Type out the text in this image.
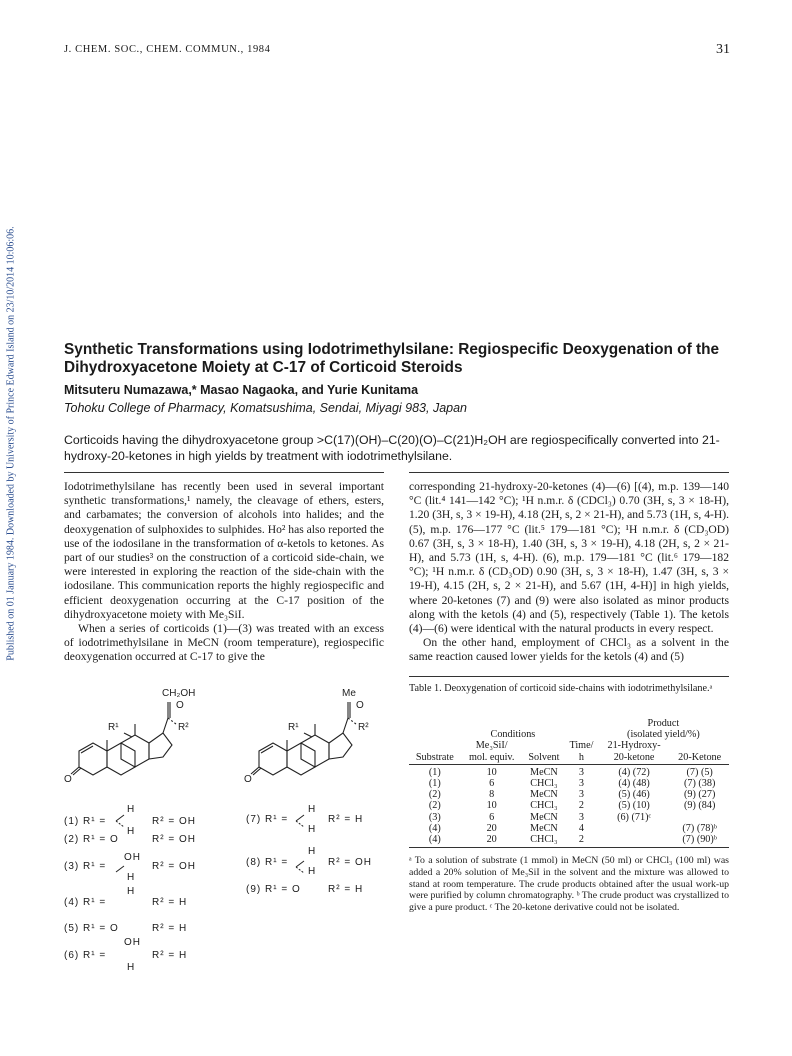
J. CHEM. SOC., CHEM. COMMUN., 1984	31
Published on 01 January 1984. Downloaded by University of Prince Edward Island on 23/10/2014 10:06:06.	Synthetic Transformations using Iodotrimethylsilane: Regiospecific Deoxygenation of the Dihydroxyacetone Moiety at C-17 of Corticoid Steroids
Mitsuteru Numazawa,* Masao Nagaoka, and Yurie Kunitama
Tohoku College of Pharmacy, Komatsushima, Sendai, Miyagi 983, Japan
Corticoids having the dihydroxyacetone group >C(17)(OH)–C(20)(O)–C(21)H₂OH are regiospecifically converted into 21-hydroxy-20-ketones in high yields by treatment with iodotrimethylsilane.

Iodotrimethylsilane has recently been used in several important synthetic transformations,¹ namely, the cleavage of ethers, esters, and carbamates; the conversion of alcohols into halides; and the deoxygenation of sulphoxides to sulphides. Ho² has also reported the use of the iodosilane in the transformation of α-ketols to ketones. As part of our studies³ on the construction of a corticoid side-chain, we were interested in exploring the reaction of the side-chain with the iodosilane. This communication reports the highly regiospecific and efficient deoxygenation occurring at the C-17 position of the dihydroxyacetone moiety with Me₃SiI.

When a series of corticoids (1)—(3) was treated with an excess of iodotrimethylsilane in MeCN (room temperature), regiospecific deoxygenation occurred at C-17 to give the

corresponding 21-hydroxy-20-ketones (4)—(6) [(4), m.p. 139—140 °C (lit.⁴ 141—142 °C); ¹H n.m.r. δ (CDCl₃) 0.70 (3H, s, 3 × 18-H), 1.20 (3H, s, 3 × 19-H), 4.18 (2H, s, 2 × 21-H), and 5.73 (1H, s, 4-H). (5), m.p. 176—177 °C (lit.⁵ 179—181 °C); ¹H n.m.r. δ (CD₃OD) 0.67 (3H, s, 3 × 18-H), 1.40 (3H, s, 3 × 19-H), 4.18 (2H, s, 2 × 21-H), and 5.73 (1H, s, 4-H). (6), m.p. 179—181 °C (lit.⁶ 179—182 °C); ¹H n.m.r. δ (CD₃OD) 0.90 (3H, s, 3 × 18-H), 1.47 (3H, s, 3 × 19-H), 4.15 (2H, s, 2 × 21-H), and 5.67 (1H, 4-H)] in high yields, where 20-ketones (7) and (9) were also isolated as minor products along with the ketols (4) and (5), respectively (Table 1). The ketols (4)—(6) were identical with the natural products in every respect.

On the other hand, employment of CHCl₃ as a solvent in the same reaction caused lower yields for the ketols (4) and (5)

CH₂OH
O
R²
R¹
O
Me
O
R²
R¹
O
(1) R¹ =	R² = OH
(2) R¹ = O	R² = OH
(3) R¹ =	R² = OH
(4) R¹ =	R² = H
(5) R¹ = O	R² = H
(6) R¹ =	R² = H
(7) R¹ =	R² = H
(8) R¹ =	R² = OH
(9) R¹ = O	R² = H
H
H
OH
H
H
OH
H
H
H
H
H
Table 1. Deoxygenation of corticoid side-chains with iodotrimethylsilane.ᵃ
				Product	
	Conditions			(isolated yield/%)	
	Me₃SiI/		Time/	21-Hydroxy-	
Substrate	mol. equiv.	Solvent	h	20-ketone	20-Ketone
(1)	10	MeCN	3	(4) (72)	(7) (5)
(1)	6	CHCl₃	3	(4) (48)	(7) (38)
(2)	8	MeCN	3	(5) (46)	(9) (27)
(2)	10	CHCl₃	2	(5) (10)	(9) (84)
(3)	6	MeCN	3	(6) (71)ᶜ	
(4)	20	MeCN	4		(7) (78)ᵇ
(4)	20	CHCl₃	2		(7) (90)ᵇ
ᵃ To a solution of substrate (1 mmol) in MeCN (50 ml) or CHCl₃ (100 ml) was added a 20% solution of Me₃SiI in the solvent and the mixture was allowed to stand at room temperature. The crude products obtained after the usual work-up were purified by column chromatography. ᵇ The crude product was crystallized to give a pure product. ᶜ The 20-ketone derivative could not be isolated.
